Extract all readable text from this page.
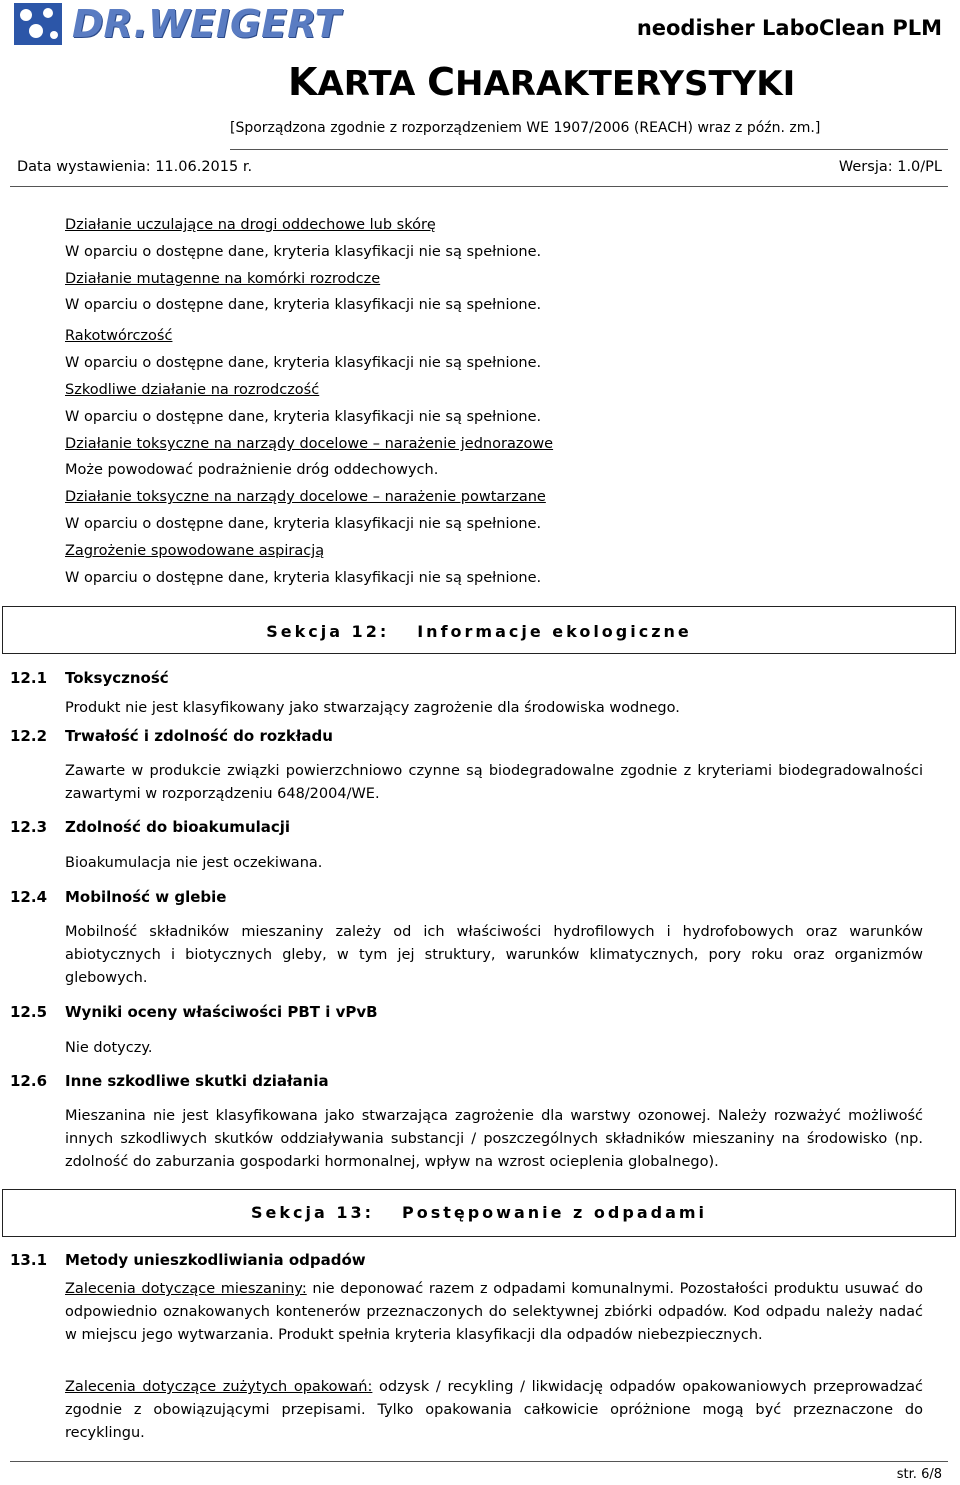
DR.WEIGERT	neodisher LaboClean PLM
KARTA CHARAKTERYSTYKI
[Sporządzona zgodnie z rozporządzeniem WE 1907/2006 (REACH) wraz z późn. zm.]
Data wystawienia: 11.06.2015 r.	Wersja: 1.0/PL
Działanie uczulające na drogi oddechowe lub skórę
W oparciu o dostępne dane, kryteria klasyfikacji nie są spełnione.
Działanie mutagenne na komórki rozrodcze
W oparciu o dostępne dane, kryteria klasyfikacji nie są spełnione.
Rakotwórczość
W oparciu o dostępne dane, kryteria klasyfikacji nie są spełnione.
Szkodliwe działanie na rozrodczość
W oparciu o dostępne dane, kryteria klasyfikacji nie są spełnione.
Działanie toksyczne na narządy docelowe – narażenie jednorazowe
Może powodować podrażnienie dróg oddechowych.
Działanie toksyczne na narządy docelowe – narażenie powtarzane
W oparciu o dostępne dane, kryteria klasyfikacji nie są spełnione.
Zagrożenie spowodowane aspiracją
W oparciu o dostępne dane, kryteria klasyfikacji nie są spełnione.
Sekcja 12: Informacje ekologiczne
12.1 Toksyczność
Produkt nie jest klasyfikowany jako stwarzający zagrożenie dla środowiska wodnego.
12.2 Trwałość i zdolność do rozkładu
Zawarte w produkcie związki powierzchniowo czynne są biodegradowalne zgodnie z kryteriami biodegradowalności zawartymi w rozporządzeniu 648/2004/WE.
12.3 Zdolność do bioakumulacji
Bioakumulacja nie jest oczekiwana.
12.4 Mobilność w glebie
Mobilność składników mieszaniny zależy od ich właściwości hydrofilowych i hydrofobowych oraz warunków abiotycznych i biotycznych gleby, w tym jej struktury, warunków klimatycznych, pory roku oraz organizmów glebowych.
12.5 Wyniki oceny właściwości PBT i vPvB
Nie dotyczy.
12.6 Inne szkodliwe skutki działania
Mieszanina nie jest klasyfikowana jako stwarzająca zagrożenie dla warstwy ozonowej. Należy rozważyć możliwość innych szkodliwych skutków oddziaływania substancji / poszczególnych składników mieszaniny na środowisko (np. zdolność do zaburzania gospodarki hormonalnej, wpływ na wzrost ocieplenia globalnego).
Sekcja 13: Postępowanie z odpadami
13.1 Metody unieszkodliwiania odpadów
Zalecenia dotyczące mieszaniny: nie deponować razem z odpadami komunalnymi. Pozostałości produktu usuwać do odpowiednio oznakowanych kontenerów przeznaczonych do selektywnej zbiórki odpadów. Kod odpadu należy nadać w miejscu jego wytwarzania. Produkt spełnia kryteria klasyfikacji dla odpadów niebezpiecznych.
Zalecenia dotyczące zużytych opakowań: odzysk / recykling / likwidację odpadów opakowaniowych przeprowadzać zgodnie z obowiązującymi przepisami. Tylko opakowania całkowicie opróżnione mogą być przeznaczone do recyklingu.
str. 6/8
